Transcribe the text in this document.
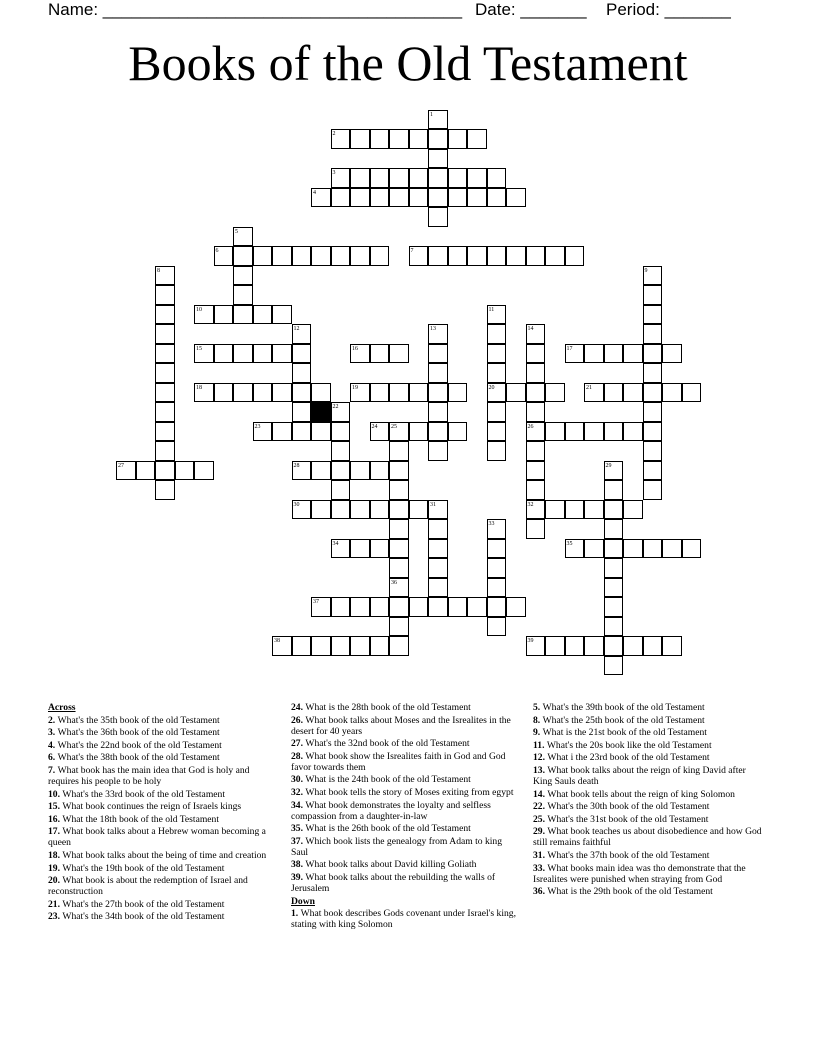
Name: ______________________________________ Date: _______ Period: _______
Books of the Old Testament
1
2
3
4
5
6	7
8	9
10	11
12	13	14
15	16	17
18	19	20	21
22
23	24 25	26
27	28	29
30	31	32
33
34	35
36
37
38	39
Across
2. What's the 35th book of the old Testament
3. What's the 36th book of the old Testament
4. What's the 22nd book of the old Testament
6. What's the 38th book of the old Testament
7. What book has the main idea that God is holy and requires his people to be holy
10. What's the 33rd book of the old Testament
15. What book continues the reign of Israels kings
16. What the 18th book of the old Testament
17. What book talks about a Hebrew woman becoming a queen
18. What book talks about the being of time and creation
19. What's the 19th book of the old Testament
20. What book is about the redemption of Israel and reconstruction
21. What's the 27th book of the old Testament
23. What's the 34th book of the old Testament
24. What is the 28th book of the old Testament
26. What book talks about Moses and the Isrealites in the desert for 40 years
27. What's the 32nd book of the old Testament
28. What book show the Isrealites faith in God and God favor towards them
30. What is the 24th book of the old Testament
32. What book tells the story of Moses exiting from egypt
34. What book demonstrates the loyalty and selfless compassion from a daughter-in-law
35. What is the 26th book of the old Testament
37. Which book lists the genealogy from Adam to king Saul
38. What book talks about David killing Goliath
39. What book talks about the rebuilding the walls of Jerusalem
Down
1. What book describes Gods covenant under Israel's king, stating with king Solomon
5. What's the 39th book of the old Testament
8. What's the 25th book of the old Testament
9. What is the 21st book of the old Testament
11. What's the 20s book like the old Testament
12. What i the 23rd book of the old Testament
13. What book talks about the reign of king David after King Sauls death
14. What book tells about the reign of king Solomon
22. What's the 30th book of the old Testament
25. What's the 31st book of the old Testament
29. What book teaches us about disobedience and how God still remains faithful
31. What's the 37th book of the old Testament
33. What books main idea was tho demonstrate that the Isrealites were punished when straying from God
36. What is the 29th book of the old Testament
